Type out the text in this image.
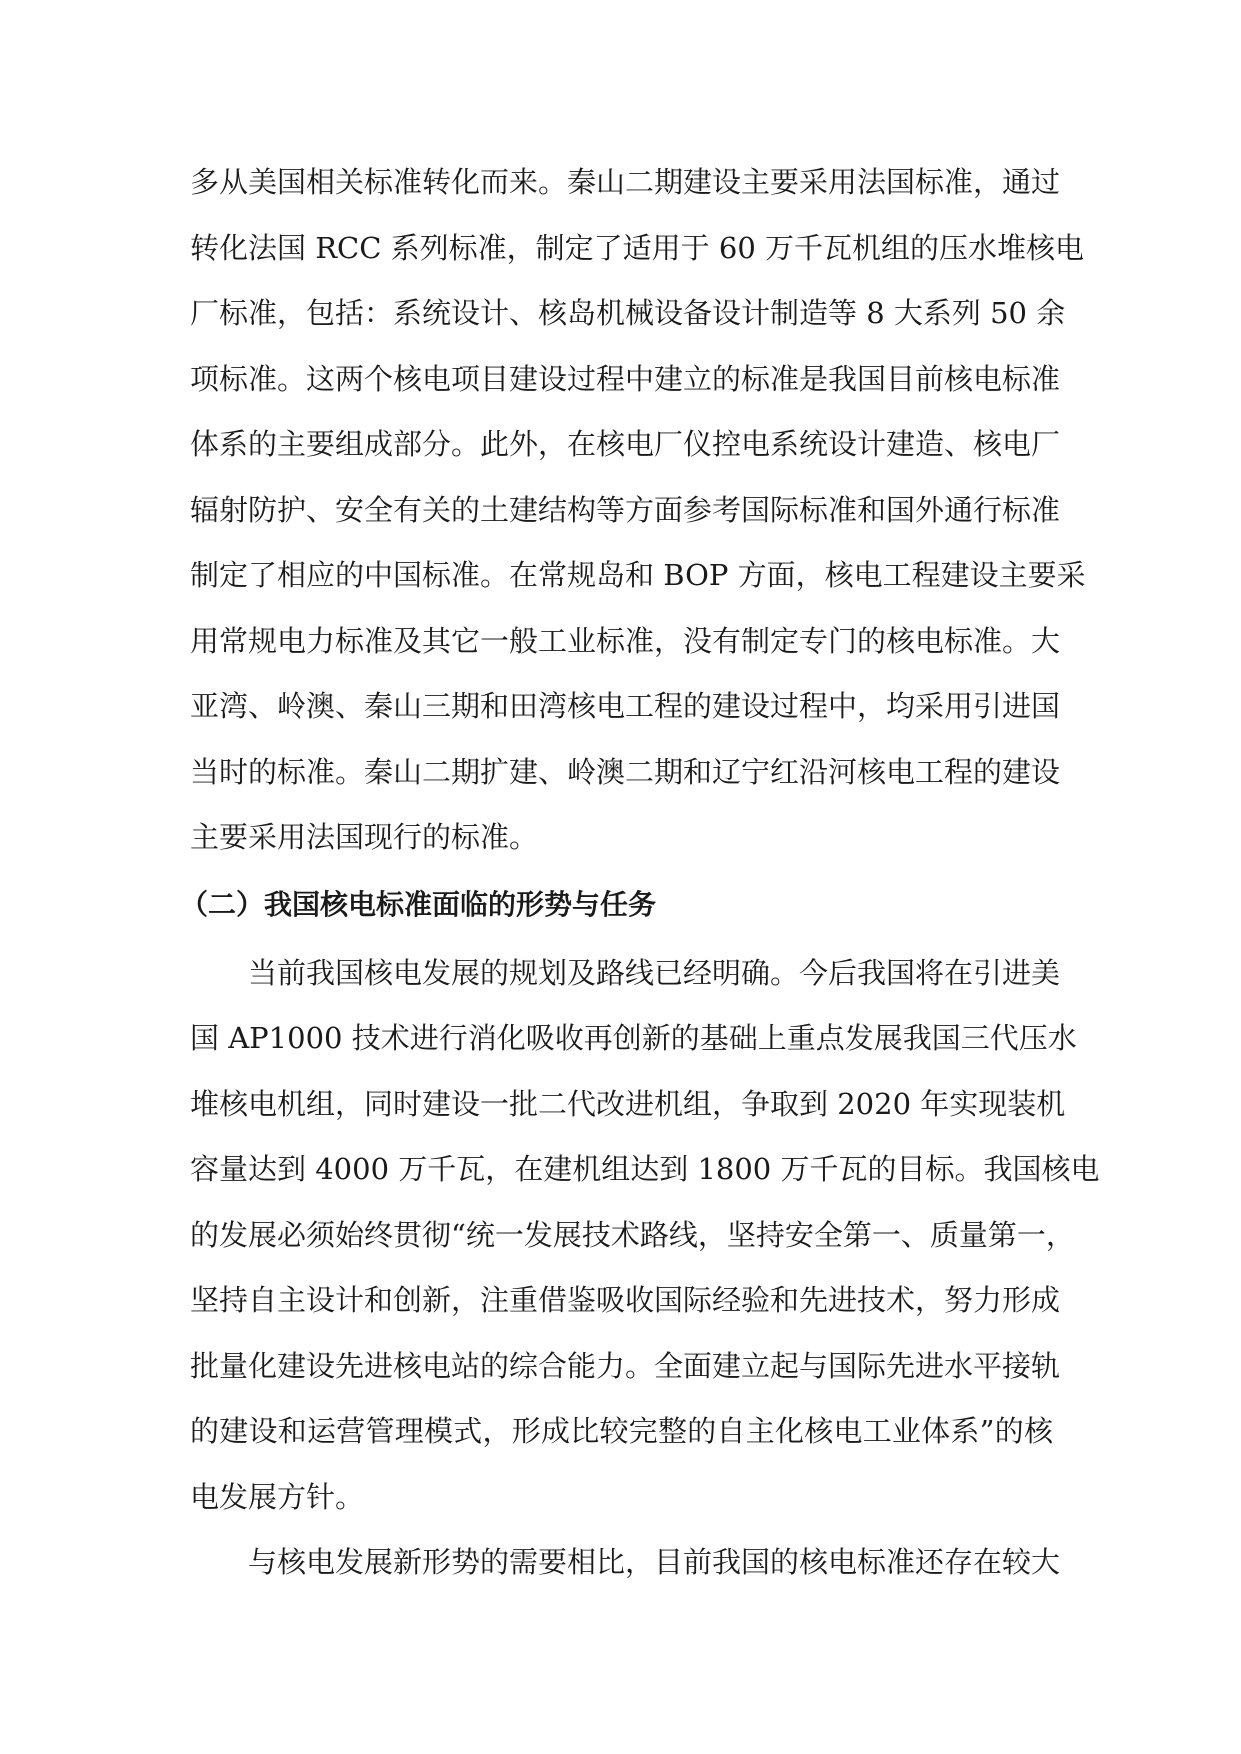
多从美国相关标准转化而来。秦山二期建设主要采用法国标准，通过
转化法国 RCC 系列标准，制定了适用于 60 万千瓦机组的压水堆核电
厂标准，包括：系统设计、核岛机械设备设计制造等 8 大系列 50 余
项标准。这两个核电项目建设过程中建立的标准是我国目前核电标准
体系的主要组成部分。此外，在核电厂仪控电系统设计建造、核电厂
辐射防护、安全有关的土建结构等方面参考国际标准和国外通行标准
制定了相应的中国标准。在常规岛和 BOP 方面，核电工程建设主要采
用常规电力标准及其它一般工业标准，没有制定专门的核电标准。大
亚湾、岭澳、秦山三期和田湾核电工程的建设过程中，均采用引进国
当时的标准。秦山二期扩建、岭澳二期和辽宁红沿河核电工程的建设
主要采用法国现行的标准。
（二）我国核电标准面临的形势与任务
当前我国核电发展的规划及路线已经明确。今后我国将在引进美
国 AP1000 技术进行消化吸收再创新的基础上重点发展我国三代压水
堆核电机组，同时建设一批二代改进机组，争取到 2020 年实现装机
容量达到 4000 万千瓦，在建机组达到 1800 万千瓦的目标。我国核电
的发展必须始终贯彻“统一发展技术路线，坚持安全第一、质量第一，
坚持自主设计和创新，注重借鉴吸收国际经验和先进技术，努力形成
批量化建设先进核电站的综合能力。全面建立起与国际先进水平接轨
的建设和运营管理模式，形成比较完整的自主化核电工业体系”的核
电发展方针。
与核电发展新形势的需要相比，目前我国的核电标准还存在较大
